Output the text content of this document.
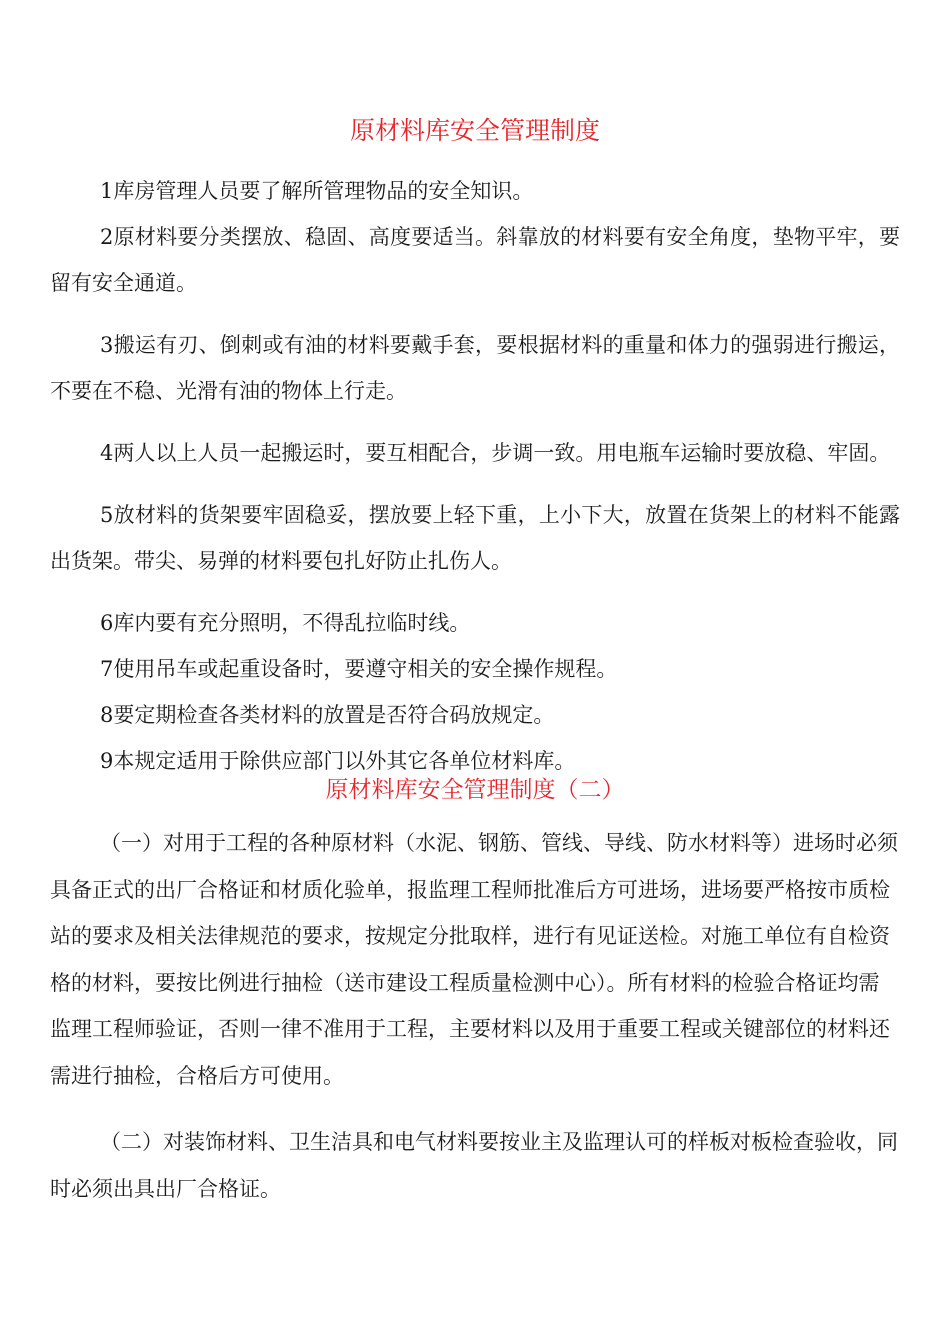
原材料库安全管理制度

1库房管理人员要了解所管理物品的安全知识。

2原材料要分类摆放、稳固、高度要适当。斜靠放的材料要有安全角度，垫物平牢，要留有安全通道。

3搬运有刃、倒刺或有油的材料要戴手套，要根据材料的重量和体力的强弱进行搬运，不要在不稳、光滑有油的物体上行走。

4两人以上人员一起搬运时，要互相配合，步调一致。用电瓶车运输时要放稳、牢固。

5放材料的货架要牢固稳妥，摆放要上轻下重，上小下大，放置在货架上的材料不能露出货架。带尖、易弹的材料要包扎好防止扎伤人。

6库内要有充分照明，不得乱拉临时线。

7使用吊车或起重设备时，要遵守相关的安全操作规程。

8要定期检查各类材料的放置是否符合码放规定。

9本规定适用于除供应部门以外其它各单位材料库。

原材料库安全管理制度（二）

（一）对用于工程的各种原材料（水泥、钢筋、管线、导线、防水材料等）进场时必须具备正式的出厂合格证和材质化验单，报监理工程师批准后方可进场，进场要严格按市质检站的要求及相关法律规范的要求，按规定分批取样，进行有见证送检。对施工单位有自检资格的材料，要按比例进行抽检（送市建设工程质量检测中心）。所有材料的检验合格证均需监理工程师验证，否则一律不准用于工程，主要材料以及用于重要工程或关键部位的材料还需进行抽检，合格后方可使用。

（二）对装饰材料、卫生洁具和电气材料要按业主及监理认可的样板对板检查验收，同时必须出具出厂合格证。
